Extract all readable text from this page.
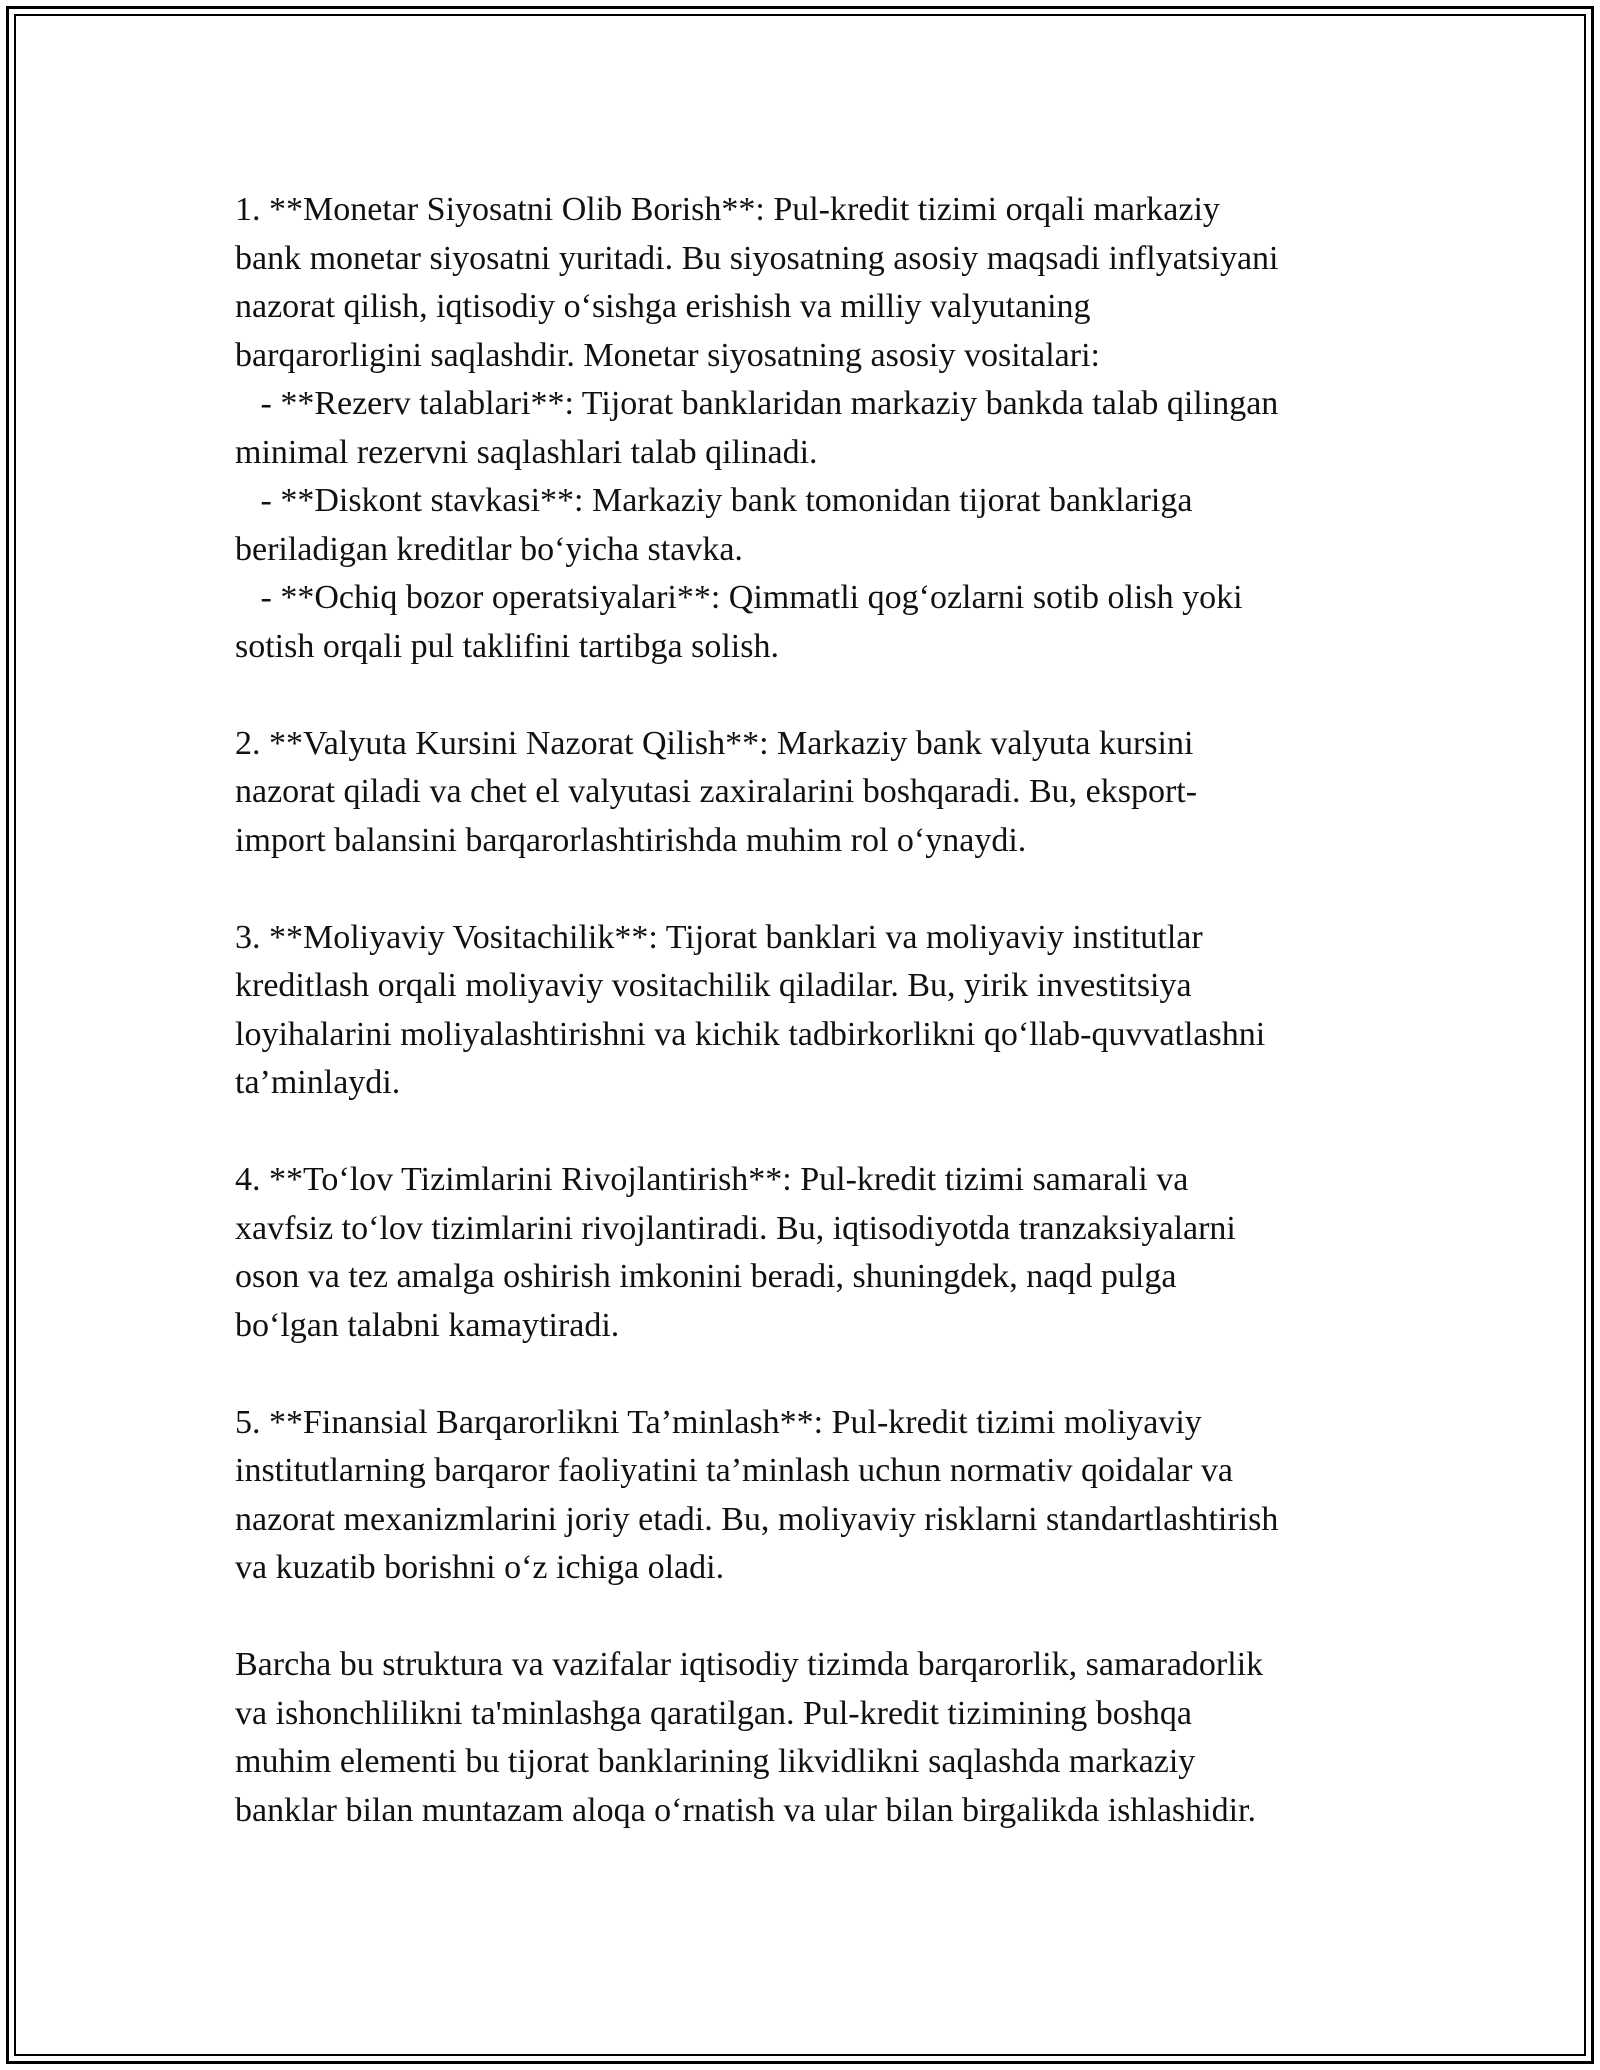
1. **Monetar Siyosatni Olib Borish**: Pul-kredit tizimi orqali markaziy
bank monetar siyosatni yuritadi. Bu siyosatning asosiy maqsadi inflyatsiyani
nazorat qilish, iqtisodiy o‘sishga erishish va milliy valyutaning
barqarorligini saqlashdir. Monetar siyosatning asosiy vositalari:
- **Rezerv talablari**: Tijorat banklaridan markaziy bankda talab qilingan
minimal rezervni saqlashlari talab qilinadi.
- **Diskont stavkasi**: Markaziy bank tomonidan tijorat banklariga
beriladigan kreditlar bo‘yicha stavka.
- **Ochiq bozor operatsiyalari**: Qimmatli qog‘ozlarni sotib olish yoki
sotish orqali pul taklifini tartibga solish.

2. **Valyuta Kursini Nazorat Qilish**: Markaziy bank valyuta kursini
nazorat qiladi va chet el valyutasi zaxiralarini boshqaradi. Bu, eksport-
import balansini barqarorlashtirishda muhim rol o‘ynaydi.

3. **Moliyaviy Vositachilik**: Tijorat banklari va moliyaviy institutlar
kreditlash orqali moliyaviy vositachilik qiladilar. Bu, yirik investitsiya
loyihalarini moliyalashtirishni va kichik tadbirkorlikni qo‘llab-quvvatlashni
ta’minlaydi.

4. **To‘lov Tizimlarini Rivojlantirish**: Pul-kredit tizimi samarali va
xavfsiz to‘lov tizimlarini rivojlantiradi. Bu, iqtisodiyotda tranzaksiyalarni
oson va tez amalga oshirish imkonini beradi, shuningdek, naqd pulga
bo‘lgan talabni kamaytiradi.

5. **Finansial Barqarorlikni Ta’minlash**: Pul-kredit tizimi moliyaviy
institutlarning barqaror faoliyatini ta’minlash uchun normativ qoidalar va
nazorat mexanizmlarini joriy etadi. Bu, moliyaviy risklarni standartlashtirish
va kuzatib borishni o‘z ichiga oladi.

Barcha bu struktura va vazifalar iqtisodiy tizimda barqarorlik, samaradorlik
va ishonchlilikni ta'minlashga qaratilgan. Pul-kredit tizimining boshqa
muhim elementi bu tijorat banklarining likvidlikni saqlashda markaziy
banklar bilan muntazam aloqa o‘rnatish va ular bilan birgalikda ishlashidir.
